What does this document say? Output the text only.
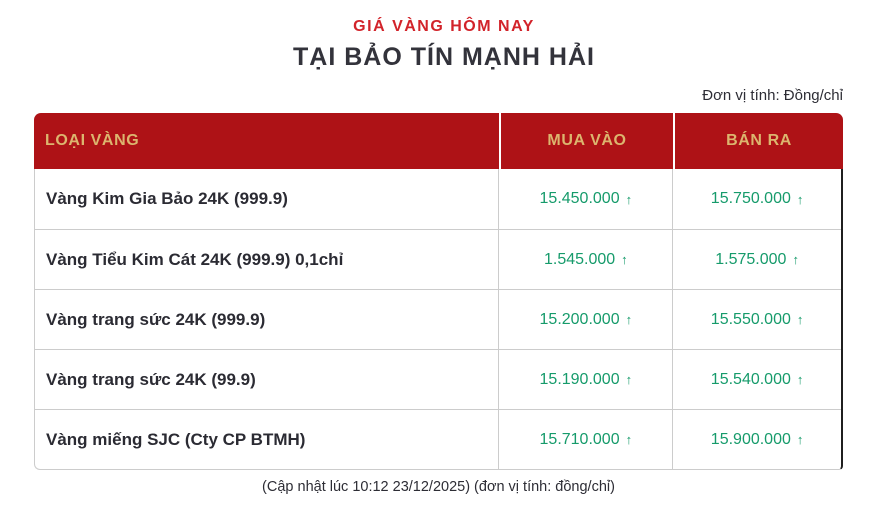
GIÁ VÀNG HÔM NAY
TẠI BẢO TÍN MẠNH HẢI
Đơn vị tính: Đồng/chỉ
LOẠI VÀNG	MUA VÀO	BÁN RA
Vàng Kim Gia Bảo 24K (999.9)	15.450.000 ↑	15.750.000 ↑
Vàng Tiểu Kim Cát 24K (999.9) 0,1chỉ	1.545.000 ↑	1.575.000 ↑
Vàng trang sức 24K (999.9)	15.200.000 ↑	15.550.000 ↑
Vàng trang sức 24K (99.9)	15.190.000 ↑	15.540.000 ↑
Vàng miếng SJC (Cty CP BTMH)	15.710.000 ↑	15.900.000 ↑
(Cập nhật lúc 10:12 23/12/2025) (đơn vị tính: đồng/chỉ)
